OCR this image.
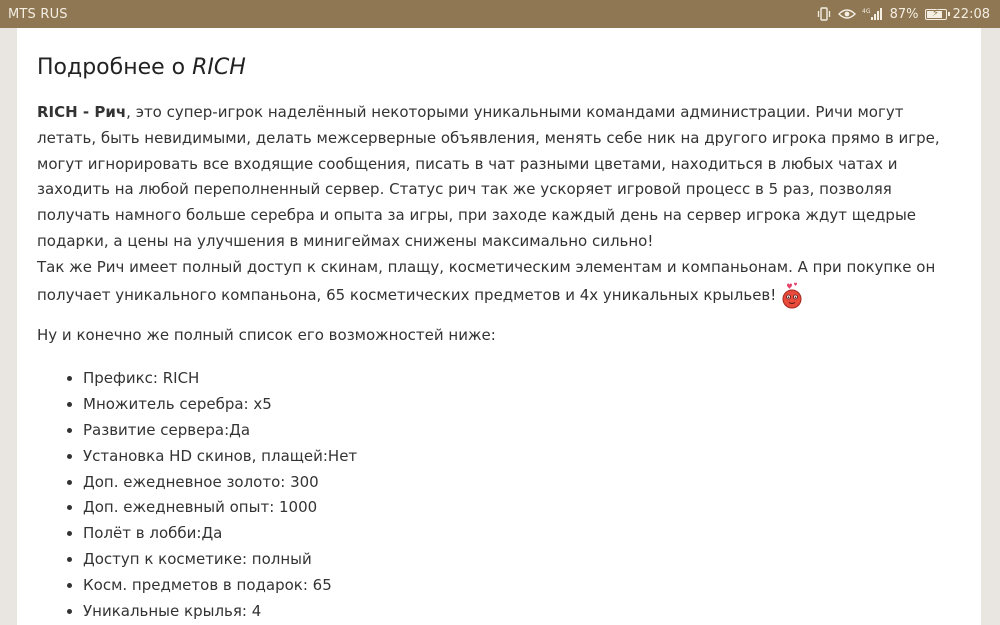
MTS RUS	4G 87%	⚡	22:08
Подробнее о RICH

RICH - Рич, это супер-игрок наделённый некоторыми уникальными командами администрации. Ричи могут летать, быть невидимыми, делать межсерверные объявления, менять себе ник на другого игрока прямо в игре, могут игнорировать все входящие сообщения, писать в чат разными цветами, находиться в любых чатах и заходить на любой переполненный сервер. Статус рич так же ускоряет игровой процесс в 5 раз, позволяя получать намного больше серебра и опыта за игры, при заходе каждый день на сервер игрока ждут щедрые подарки, а цены на улучшения в минигеймах снижены максимально сильно!
Так же Рич имеет полный доступ к скинам, плащу, косметическим элементам и компаньонам. А при покупке он получает уникального компаньона, 65 косметических предметов и 4х уникальных крыльев!

Ну и конечно же полный список его возможностей ниже:

• Префикс: RICH
• Множитель серебра: x5
• Развитие сервера:Да
• Установка HD скинов, плащей:Нет
• Доп. ежедневное золото: 300
• Доп. ежедневный опыт: 1000
• Полёт в лобби:Да
• Доступ к косметике: полный
• Косм. предметов в подарок: 65
• Уникальные крылья: 4
